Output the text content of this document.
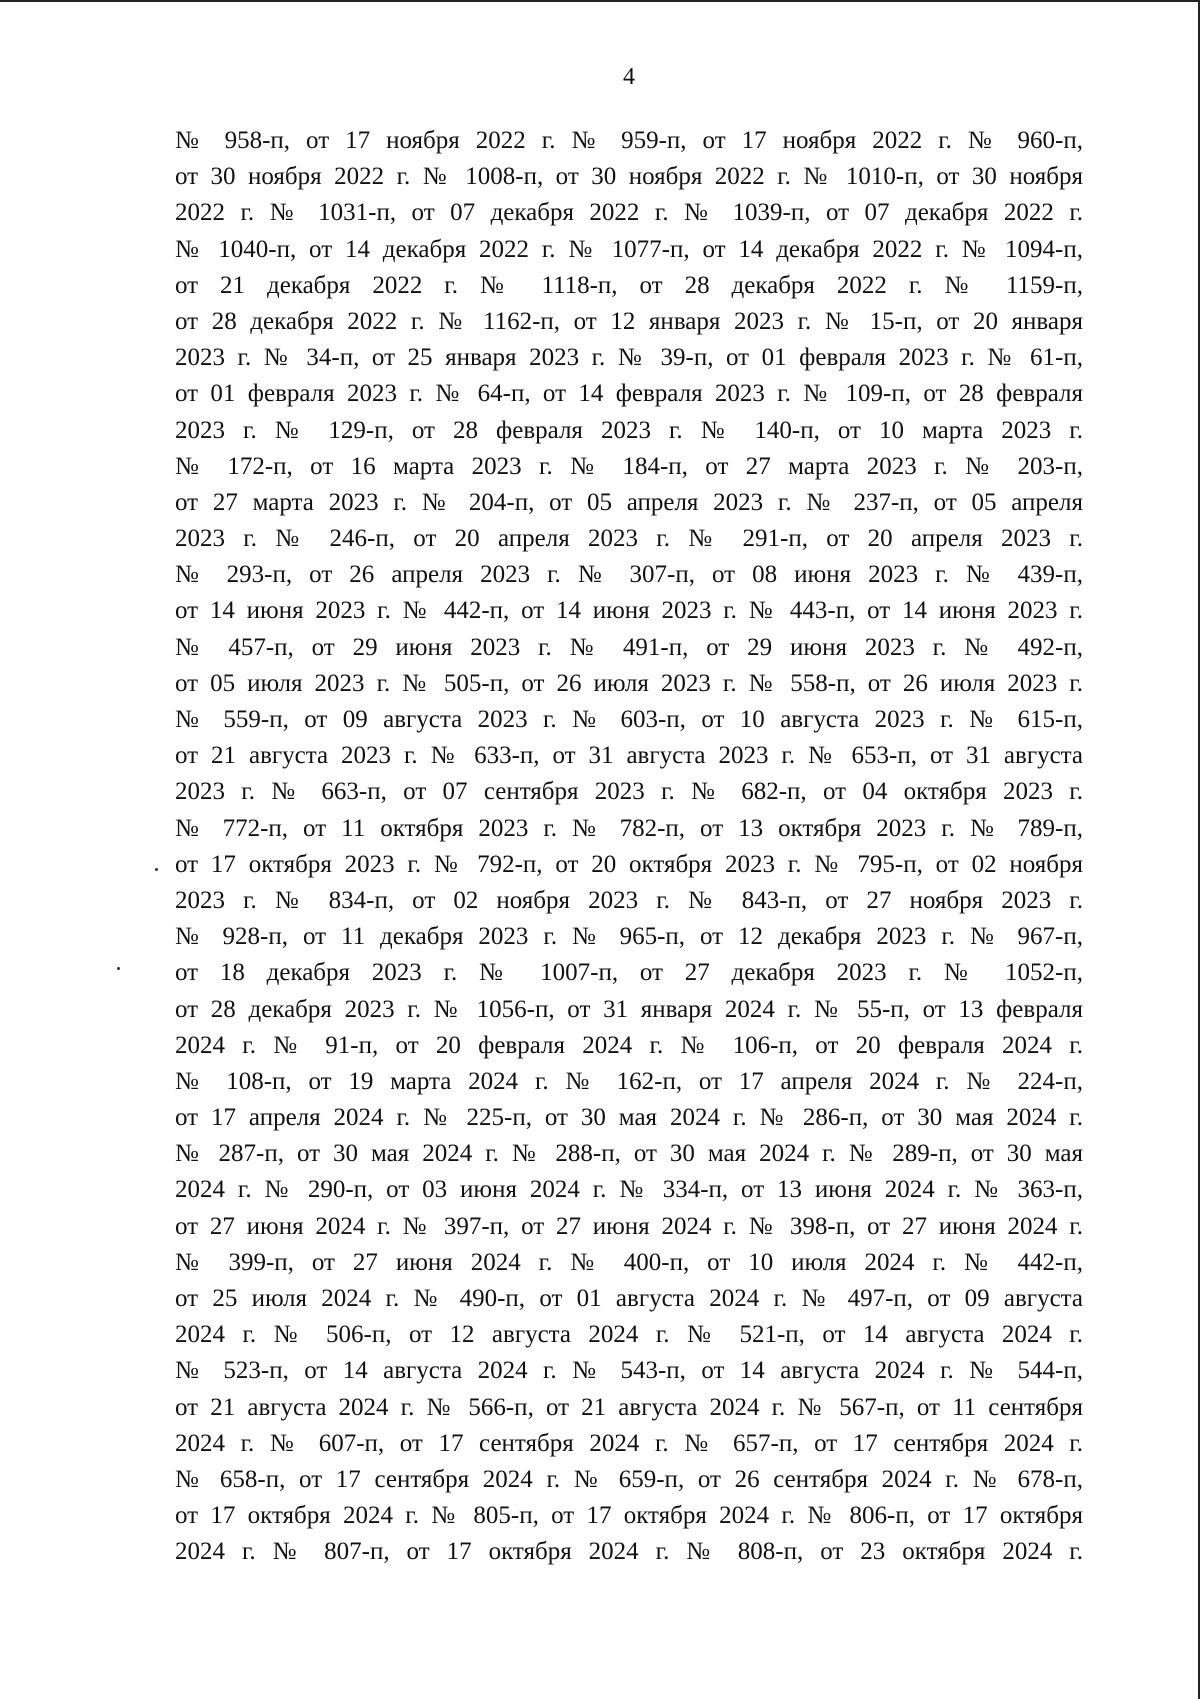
4
№ 958-п, от 17 ноября 2022 г. № 959-п, от 17 ноября 2022 г. № 960-п,
от 30 ноября 2022 г. № 1008-п, от 30 ноября 2022 г. № 1010-п, от 30 ноября
2022 г. № 1031-п, от 07 декабря 2022 г. № 1039-п, от 07 декабря 2022 г.
№ 1040-п, от 14 декабря 2022 г. № 1077-п, от 14 декабря 2022 г. № 1094-п,
от 21 декабря 2022 г. № 1118-п, от 28 декабря 2022 г. № 1159-п,
от 28 декабря 2022 г. № 1162-п, от 12 января 2023 г. № 15-п, от 20 января
2023 г. № 34-п, от 25 января 2023 г. № 39-п, от 01 февраля 2023 г. № 61-п,
от 01 февраля 2023 г. № 64-п, от 14 февраля 2023 г. № 109-п, от 28 февраля
2023 г. № 129-п, от 28 февраля 2023 г. № 140-п, от 10 марта 2023 г.
№ 172-п, от 16 марта 2023 г. № 184-п, от 27 марта 2023 г. № 203-п,
от 27 марта 2023 г. № 204-п, от 05 апреля 2023 г. № 237-п, от 05 апреля
2023 г. № 246-п, от 20 апреля 2023 г. № 291-п, от 20 апреля 2023 г.
№ 293-п, от 26 апреля 2023 г. № 307-п, от 08 июня 2023 г. № 439-п,
от 14 июня 2023 г. № 442-п, от 14 июня 2023 г. № 443-п, от 14 июня 2023 г.
№ 457-п, от 29 июня 2023 г. № 491-п, от 29 июня 2023 г. № 492-п,
от 05 июля 2023 г. № 505-п, от 26 июля 2023 г. № 558-п, от 26 июля 2023 г.
№ 559-п, от 09 августа 2023 г. № 603-п, от 10 августа 2023 г. № 615-п,
от 21 августа 2023 г. № 633-п, от 31 августа 2023 г. № 653-п, от 31 августа
2023 г. № 663-п, от 07 сентября 2023 г. № 682-п, от 04 октября 2023 г.
№ 772-п, от 11 октября 2023 г. № 782-п, от 13 октября 2023 г. № 789-п,
от 17 октября 2023 г. № 792-п, от 20 октября 2023 г. № 795-п, от 02 ноября
2023 г. № 834-п, от 02 ноября 2023 г. № 843-п, от 27 ноября 2023 г.
№ 928-п, от 11 декабря 2023 г. № 965-п, от 12 декабря 2023 г. № 967-п,
от 18 декабря 2023 г. № 1007-п, от 27 декабря 2023 г. № 1052-п,
от 28 декабря 2023 г. № 1056-п, от 31 января 2024 г. № 55-п, от 13 февраля
2024 г. № 91-п, от 20 февраля 2024 г. № 106-п, от 20 февраля 2024 г.
№ 108-п, от 19 марта 2024 г. № 162-п, от 17 апреля 2024 г. № 224-п,
от 17 апреля 2024 г. № 225-п, от 30 мая 2024 г. № 286-п, от 30 мая 2024 г.
№ 287-п, от 30 мая 2024 г. № 288-п, от 30 мая 2024 г. № 289-п, от 30 мая
2024 г. № 290-п, от 03 июня 2024 г. № 334-п, от 13 июня 2024 г. № 363-п,
от 27 июня 2024 г. № 397-п, от 27 июня 2024 г. № 398-п, от 27 июня 2024 г.
№ 399-п, от 27 июня 2024 г. № 400-п, от 10 июля 2024 г. № 442-п,
от 25 июля 2024 г. № 490-п, от 01 августа 2024 г. № 497-п, от 09 августа
2024 г. № 506-п, от 12 августа 2024 г. № 521-п, от 14 августа 2024 г.
№ 523-п, от 14 августа 2024 г. № 543-п, от 14 августа 2024 г. № 544-п,
от 21 августа 2024 г. № 566-п, от 21 августа 2024 г. № 567-п, от 11 сентября
2024 г. № 607-п, от 17 сентября 2024 г. № 657-п, от 17 сентября 2024 г.
№ 658-п, от 17 сентября 2024 г. № 659-п, от 26 сентября 2024 г. № 678-п,
от 17 октября 2024 г. № 805-п, от 17 октября 2024 г. № 806-п, от 17 октября
2024 г. № 807-п, от 17 октября 2024 г. № 808-п, от 23 октября 2024 г.
